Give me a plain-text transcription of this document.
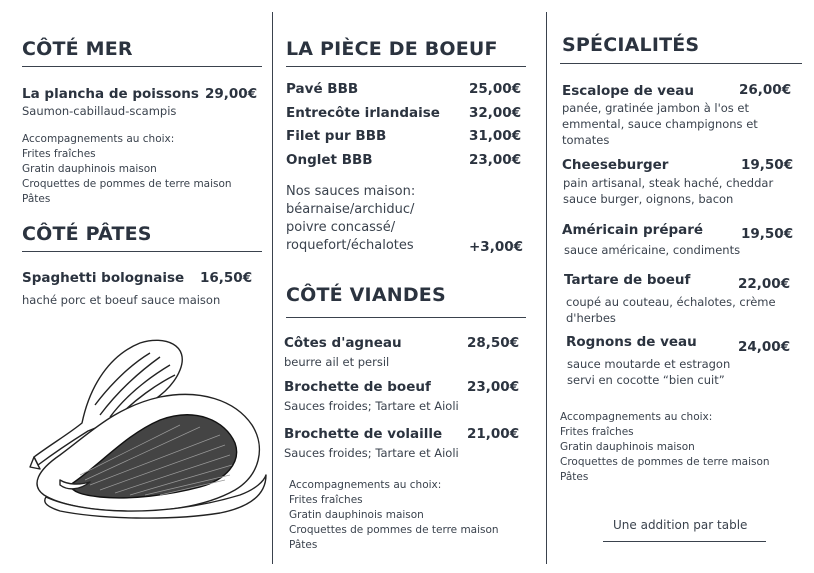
CÔTÉ MER
La plancha de poissons 29,00€
Saumon-cabillaud-scampis
Accompagnements au choix:
Frites fraîches
Gratin dauphinois maison
Croquettes de pommes de terre maison
Pâtes
CÔTÉ PÂTES
Spaghetti bolognaise 16,50€
haché porc et boeuf sauce maison
LA PIÈCE DE BOEUF
Pavé BBB	25,00€
Entrecôte irlandaise 32,00€
Filet pur BBB	31,00€
Onglet BBB	23,00€
Nos sauces maison:
béarnaise/archiduc/
poivre concassé/
roquefort/échalotes	+3,00€
CÔTÉ VIANDES
Côtes d'agneau	28,50€
beurre ail et persil
Brochette de boeuf	23,00€
Sauces froides; Tartare et Aioli
Brochette de volaille 21,00€
Sauces froides; Tartare et Aioli
Accompagnements au choix:
Frites fraîches
Gratin dauphinois maison
Croquettes de pommes de terre maison
Pâtes
SPÉCIALITÉS
Escalope de veau	26,00€
panée, gratinée jambon à l'os et
emmental, sauce champignons et
tomates
Cheeseburger	19,50€
pain artisanal, steak haché, cheddar
sauce burger, oignons, bacon
Américain préparé	19,50€
sauce américaine, condiments
Tartare de boeuf	22,00€
coupé au couteau, échalotes, crème
d'herbes
Rognons de veau	24,00€
sauce moutarde et estragon
servi en cocotte “bien cuit”
Accompagnements au choix:
Frites fraîches
Gratin dauphinois maison
Croquettes de pommes de terre maison
Pâtes
Une addition par table
